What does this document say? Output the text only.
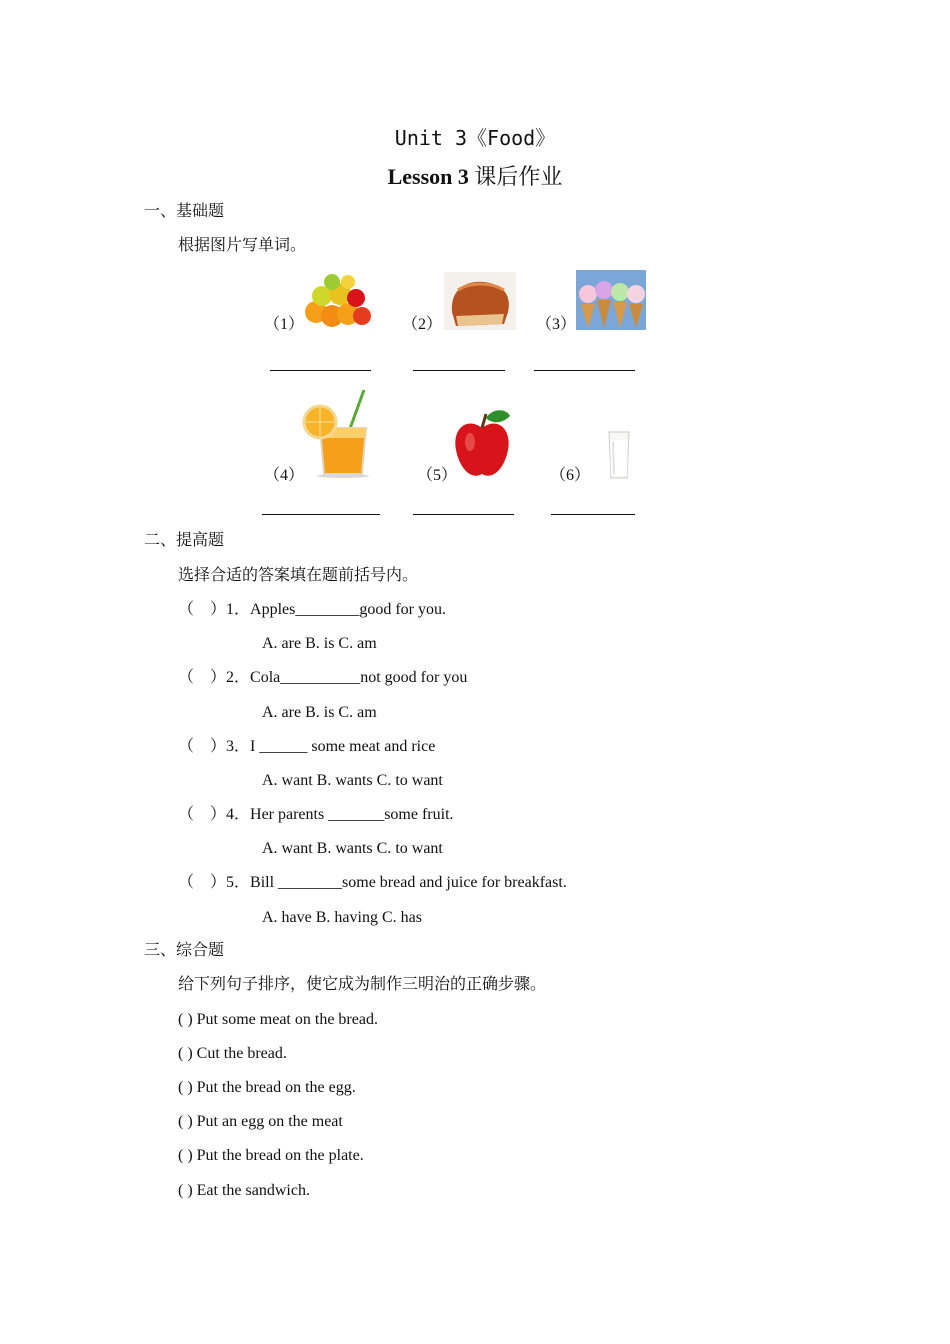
Unit 3《Food》
Lesson 3 课后作业
一、基础题
根据图片写单词。
（1）	（2）	（3）
（4）	（5）	（6）
二、提高题
选择合适的答案填在题前括号内。
（　）1．Apples________good for you.
A. are B. is C. am
（　）2．Cola__________not good for you
A. are B. is C. am
（　）3．I ______ some meat and rice
A. want B. wants C. to want
（　）4．Her parents _______some fruit.
A. want B. wants C. to want
（　）5．Bill ________some bread and juice for breakfast.
A. have B. having C. has
三、综合题
给下列句子排序，使它成为制作三明治的正确步骤。
( ) Put some meat on the bread.
( ) Cut the bread.
( ) Put the bread on the egg.
( ) Put an egg on the meat
( ) Put the bread on the plate.
( ) Eat the sandwich.
